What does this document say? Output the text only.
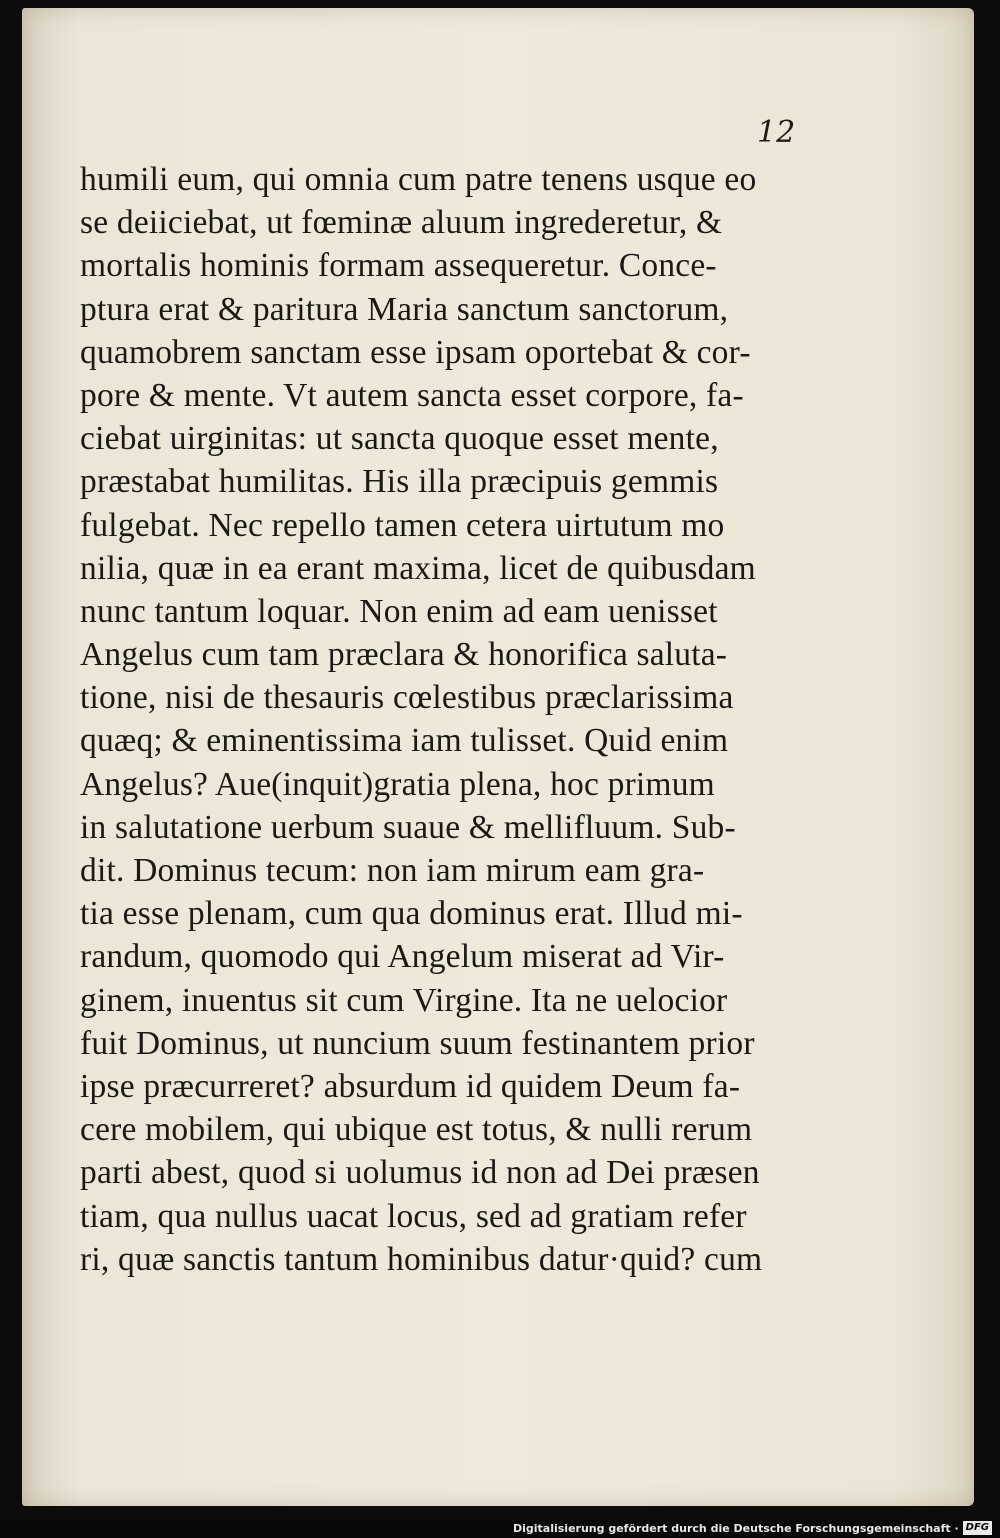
12
humili eum, qui omnia cum patre tenens usque eo
se deiiciebat, ut fœminæ aluum ingrederetur, &
mortalis hominis formam assequeretur. Conce-
ptura erat & paritura Maria sanctum sanctorum,
quamobrem sanctam esse ipsam oportebat & cor-
pore & mente. Vt autem sancta esset corpore, fa-
ciebat uirginitas: ut sancta quoque esset mente,
præstabat humilitas. His illa præcipuis gemmis
fulgebat. Nec repello tamen cetera uirtutum mo
nilia, quæ in ea erant maxima, licet de quibusdam
nunc tantum loquar. Non enim ad eam uenisset
Angelus cum tam præclara & honorifica saluta-
tione, nisi de thesauris cœlestibus præclarissima
quæq; & eminentissima iam tulisset. Quid enim
Angelus? Aue(inquit)gratia plena, hoc primum
in salutatione uerbum suaue & mellifluum. Sub-
dit. Dominus tecum: non iam mirum eam gra-
tia esse plenam, cum qua dominus erat. Illud mi-
randum, quomodo qui Angelum miserat ad Vir-
ginem, inuentus sit cum Virgine. Ita ne uelocior
fuit Dominus, ut nuncium suum festinantem prior
ipse præcurreret? absurdum id quidem Deum fa-
cere mobilem, qui ubique est totus, & nulli rerum
parti abest, quod si uolumus id non ad Dei præsen
tiam, qua nullus uacat locus, sed ad gratiam refer
ri, quæ sanctis tantum hominibus datur·quid? cum
Digitalisierung gefördert durch die Deutsche Forschungsgemeinschaft · DFG
